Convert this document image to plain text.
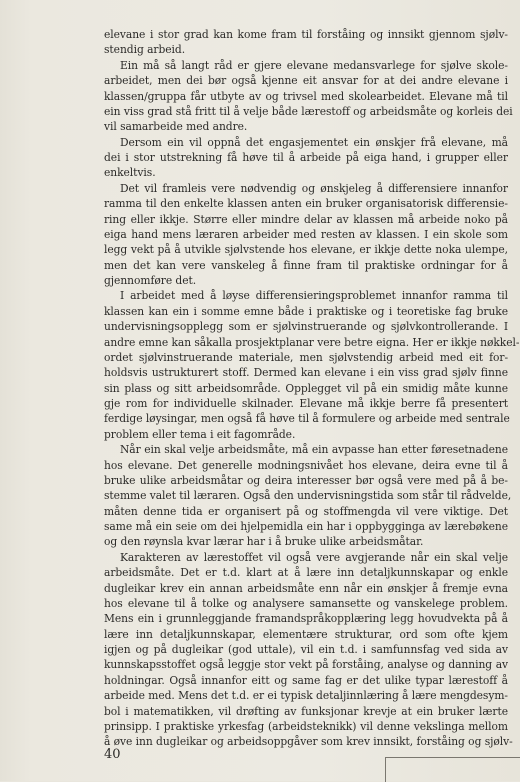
elevane i stor grad kan kome fram til forståing og innsikt gjennom sjølv-
stendig arbeid.
Ein må så langt råd er gjere elevane medansvarlege for sjølve skole-
arbeidet, men dei bør også kjenne eit ansvar for at dei andre elevane i
klassen/gruppa får utbyte av og trivsel med skolearbeidet. Elevane må til
ein viss grad stå fritt til å velje både lærestoff og arbeidsmåte og korleis dei
vil samarbeide med andre.
Dersom ein vil oppnå det engasjementet ein ønskjer frå elevane, må
dei i stor utstrekning få høve til å arbeide på eiga hand, i grupper eller
enkeltvis.
Det vil framleis vere nødvendig og ønskjeleg å differensiere innanfor
ramma til den enkelte klassen anten ein bruker organisatorisk differensie-
ring eller ikkje. Større eller mindre delar av klassen må arbeide noko på
eiga hand mens læraren arbeider med resten av klassen. I ein skole som
legg vekt på å utvikle sjølvstende hos elevane, er ikkje dette noka ulempe,
men det kan vere vanskeleg å finne fram til praktiske ordningar for å
gjennomføre det.
I arbeidet med å løyse differensieringsproblemet innanfor ramma til
klassen kan ein i somme emne både i praktiske og i teoretiske fag bruke
undervisningsopplegg som er sjølvinstruerande og sjølvkontrollerande. I
andre emne kan såkalla prosjektplanar vere betre eigna. Her er ikkje nøkkel-
ordet sjølvinstruerande materiale, men sjølvstendig arbeid med eit for-
holdsvis ustrukturert stoff. Dermed kan elevane i ein viss grad sjølv finne
sin plass og sitt arbeidsområde. Opplegget vil på ein smidig måte kunne
gje rom for individuelle skilnader. Elevane må ikkje berre få presentert
ferdige løysingar, men også få høve til å formulere og arbeide med sentrale
problem eller tema i eit fagområde.
Når ein skal velje arbeidsmåte, må ein avpasse han etter føresetnadene
hos elevane. Det generelle modningsnivået hos elevane, deira evne til å
bruke ulike arbeidsmåtar og deira interesser bør også vere med på å be-
stemme valet til læraren. Også den undervisningstida som står til rådvelde,
måten denne tida er organisert på og stoffmengda vil vere viktige. Det
same må ein seie om dei hjelpemidla ein har i oppbygginga av lærebøkene
og den røynsla kvar lærar har i å bruke ulike arbeidsmåtar.
Karakteren av lærestoffet vil også vere avgjerande når ein skal velje
arbeidsmåte. Det er t.d. klart at å lære inn detaljkunnskapar og enkle
dugleikar krev ein annan arbeidsmåte enn når ein ønskjer å fremje evna
hos elevane til å tolke og analysere samansette og vanskelege problem.
Mens ein i grunnleggjande framandspråkopplæring legg hovudvekta på å
lære inn detaljkunnskapar, elementære strukturar, ord som ofte kjem
igjen og på dugleikar (god uttale), vil ein t.d. i samfunnsfag ved sida av
kunnskapsstoffet også leggje stor vekt på forståing, analyse og danning av
holdningar. Også innanfor eitt og same fag er det ulike typar lærestoff å
arbeide med. Mens det t.d. er ei typisk detaljinnlæring å lære mengdesym-
bol i matematikken, vil drøfting av funksjonar krevje at ein bruker lærte
prinsipp. I praktiske yrkesfag (arbeidsteknikk) vil denne vekslinga mellom
å øve inn dugleikar og arbeidsoppgåver som krev innsikt, forståing og sjølv-
40
